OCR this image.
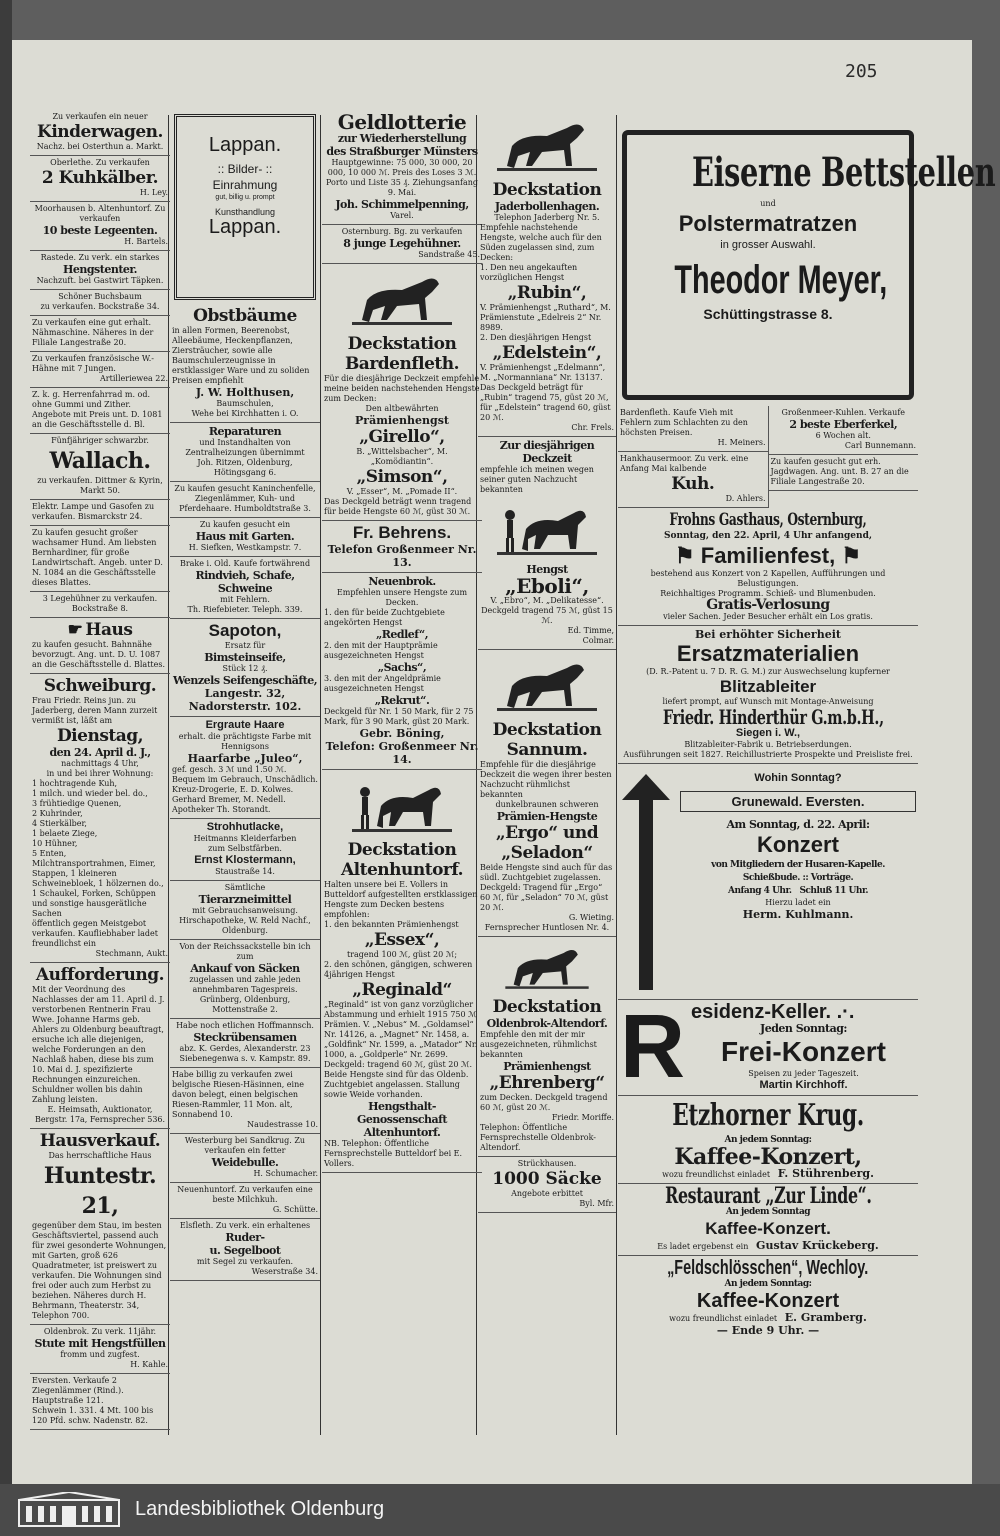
205
Zu verkaufen ein neuer
Kinderwagen.
Nachz. bei Osterthun a. Markt.
Oberlethe. Zu verkaufen
2 Kuhkälber.
H. Ley.
Moorhausen b. Altenhuntorf. Zu verkaufen
10 beste Legeenten.
H. Bartels.
Rastede. Zu verk. ein starkes
Hengstenter.
Nachzuft. bei Gastwirt Täpken.
Schöner Buchsbaum
zu verkaufen. Bockstraße 34.
Zu verkaufen eine gut erhalt. Nähmaschine. Näheres in der Filiale Langestraße 20.
Zu verkaufen französische W.-Hähne mit 7 Jungen.
Artilleriewea 22.
Z. k. g. Herrenfahrrad m. od. ohne Gummi und Zither. Angebote mit Preis unt. D. 1081 an die Geschäftsstelle d. Bl.
Fünfjähriger schwarzbr.
Wallach.
zu verkaufen. Dittmer & Kyrin, Markt 50.
Elektr. Lampe und Gasofen zu verkaufen. Bismarckstr 24.
Zu kaufen gesucht großer wachsamer Hund. Am liebsten Bernhardiner, für große Landwirtschaft. Angeb. unter D. N. 1084 an die Geschäftsstelle dieses Blattes.
3 Legehühner zu verkaufen. Bockstraße 8.
☛ Haus
zu kaufen gesucht. Bahnnähe bevorzugt. Ang. unt. D. U. 1087 an die Geschäftsstelle d. Blattes.
Schweiburg.
Frau Friedr. Reins jun. zu Jaderberg, deren Mann zurzeit vermißt ist, läßt am
Dienstag,
den 24. April d. J.,
nachmittags 4 Uhr,
in und bei ihrer Wohnung:
1 hochtragende Kuh,
1 milch. und wieder bel. do.,
3 frühtiedige Quenen,
2 Kuhrinder,
4 Stierkälber,
1 belaete Ziege,
10 Hühner,
5 Enten,
Milchtransportrahmen, Eimer, Stappen, 1 kleineren Schweinebloek, 1 hölzernen do., 1 Schaukel, Forken, Schüppen und sonstige hausgerätliche Sachen
öffentlich gegen Meistgebot verkaufen. Kaufliebhaber ladet freundlichst ein
Stechmann, Aukt.
Aufforderung.
Mit der Veordnung des Nachlasses der am 11. April d. J. verstorbenen Rentnerin Frau Wwe. Johanne Harms geb. Ahlers zu Oldenburg beauftragt, ersuche ich alle diejenigen, welche Forderungen an den Nachlaß haben, diese bis zum 10. Mai d. J. spezifizierte Rechnungen einzureichen. Schuldner wollen bis dahin Zahlung leisten.
E. Heimsath, Auktionator,
Bergstr. 17a, Fernsprecher 536.
Hausverkauf.
Das herrschaftliche Haus
Huntestr. 21,
gegenüber dem Stau, im besten Geschäftsviertel, passend auch für zwei gesonderte Wohnungen, mit Garten, groß 626 Quadratmeter, ist preiswert zu verkaufen. Die Wohnungen sind frei oder auch zum Herbst zu beziehen. Näheres durch H. Behrmann, Theaterstr. 34, Telephon 700.
Oldenbrok. Zu verk. 11jähr.
Stute mit Hengstfüllen
fromm und zugfest.
H. Kahle.
Eversten. Verkaufe 2 Ziegenlämmer (Rind.). Hauptstraße 121.
Schwein 1. 331. 4 Mt. 100 bis 120 Pfd. schw. Nadenstr. 82.
Lappan.
:: Bilder- ::
Einrahmung
gut, billig u. prompt
Kunsthandlung
Lappan.
Obstbäume
in allen Formen, Beerenobst, Alleebäume, Heckenpflanzen, Ziersträucher, sowie alle Baumschulerzeugnisse in erstklassiger Ware und zu soliden Preisen empfiehlt
J. W. Holthusen,
Baumschulen,
Wehe bei Kirchhatten i. O.
Reparaturen
und Instandhalten von Zentralheizungen übernimmt
Joh. Ritzen, Oldenburg,
Hötingsgang 6.
Zu kaufen gesucht Kaninchenfelle, Ziegenlämmer, Kuh- und Pferdehaare. Humboldtstraße 3.
Zu kaufen gesucht ein
Haus mit Garten.
H. Siefken, Westkampstr. 7.
Brake i. Old. Kaufe fortwährend
Rindvieh, Schafe, Schweine
mit Fehlern.
Th. Riefebieter. Teleph. 339.
Sapoton,
Ersatz für
Bimsteinseife,
Stück 12 ₰.
Wenzels Seifengeschäfte,
Langestr. 32,
Nadorsterstr. 102.
Ergraute Haare
erhalt. die prächtigste Farbe mit Hennigsons
Haarfarbe „Juleo“,
gef. gesch. 3 ℳ und 1.50 ℳ. Bequem im Gebrauch, Unschädlich. Kreuz-Drogerie, E. D. Kolwes. Gerhard Bremer, M. Nedell. Apotheker Th. Storandt.
Strohhutlacke,
Heitmanns Kleiderfarben
zum Selbstfärben.
Ernst Klostermann,
Staustraße 14.
Sämtliche
Tierarzneimittel
mit Gebrauchsanweisung.
Hirschapotheke, W. Reld Nachf., Oldenburg.
Von der Reichssackstelle bin ich zum
Ankauf von Säcken
zugelassen und zahle jeden annehmbaren Tagespreis.
Grünberg, Oldenburg,
Mottenstraße 2.
Habe noch etlichen Hoffmannsch.
Steckrübensamen
abz. K. Gerdes, Alexanderstr. 23 Siebenegenwa s. v. Kampstr. 89.
Habe billig zu verkaufen zwei belgische Riesen-Häsinnen, eine davon belegt, einen belgischen Riesen-Rammler, 11 Mon. alt, Sonnabend 10.
Naudestrasse 10.
Westerburg bei Sandkrug. Zu verkaufen ein fetter
Weidebulle.
H. Schumacher.
Neuenhuntorf. Zu verkaufen eine beste Milchkuh.
G. Schütte.
Elsfleth. Zu verk. ein erhaltenes
Ruder-
u. Segelboot
mit Segel zu verkaufen.
Weserstraße 34.
Geldlotterie
zur Wiederherstellung
des Straßburger Münsters
Hauptgewinne: 75 000, 30 000, 20 000, 10 000 ℳ. Preis des Loses 3 ℳ. Porto und Liste 35 ₰. Ziehungsanfang 9. Mai.
Joh. Schimmelpenning,
Varel.
Osternburg. Bg. zu verkaufen
8 junge Legehühner.
Sandstraße 45.
Deckstation
Bardenfleth.
Für die diesjährige Deckzeit empfehle meine beiden nachstehenden Hengste zum Decken:
Den altbewährten
Prämienhengst
„Girello“,
B. „Wittelsbacher“, M. „Komödiantin“.
„Simson“,
V. „Esser“, M. „Pomade II“.
Das Deckgeld beträgt wenn tragend für beide Hengste 60 ℳ, güst 30 ℳ.
Fr. Behrens.
Telefon Großenmeer Nr. 13.
Neuenbrok.
Empfehlen unsere Hengste zum Decken.
1. den für beide Zuchtgebiete angekörten Hengst
„Redlef“,
2. den mit der Hauptprämie ausgezeichneten Hengst
„Sachs“,
3. den mit der Angeldprämie ausgezeichneten Hengst
„Rekrut“.
Deckgeld für Nr. 1 50 Mark, für 2 75 Mark, für 3 90 Mark, güst 20 Mark.
Gebr. Böning,
Telefon: Großenmeer Nr. 14.
Deckstation
Altenhuntorf.
Halten unsere bei E. Vollers in Butteldorf aufgestellten erstklassigen Hengste zum Decken bestens empfohlen:
1. den bekannten Prämienhengst
„Essex“,
tragend 100 ℳ, güst 20 ℳ;
2. den schönen, gängigen, schweren 4jährigen Hengst
„Reginald“
„Reginald“ ist von ganz vorzüglicher Abstammung und erhielt 1915 750 ℳ Prämien. V. „Nebus“ M. „Goldamsel“ Nr. 14126, a. „Magnet“ Nr. 1458, a. „Goldfink“ Nr. 1599, a. „Matador“ Nr. 1000, a. „Goldperle“ Nr. 2699. Deckgeld: tragend 60 ℳ, güst 20 ℳ.
Beide Hengste sind für das Oldenb. Zuchtgebiet angelassen. Stallung sowie Weide vorhanden.
Hengsthalt-Genossenschaft
Altenhuntorf.
NB. Telephon: Öffentliche Fernsprechstelle Butteldorf bei E. Vollers.
Deckstation
Jaderbollenhagen.
Telephon Jaderberg Nr. 5.
Empfehle nachstehende Hengste, welche auch für den Süden zugelassen sind, zum Decken:
1. Den neu angekauften vorzüglichen Hengst
„Rubin“,
V. Prämienhengst „Ruthard“, M. Prämienstute „Edelreis 2“ Nr. 8989.
2. Den diesjährigen Hengst
„Edelstein“,
V. Prämienhengst „Edelmann“, M. „Normanniana“ Nr. 13137.
Das Deckgeld beträgt für „Rubin“ tragend 75, güst 20 ℳ, für „Edelstein“ tragend 60, güst 20 ℳ.
Chr. Frels.
Zur diesjährigen Deckzeit
empfehle ich meinen wegen seiner guten Nachzucht bekannten
Hengst
„Eboli“,
V. „Ebro“, M. „Delikatesse“.
Deckgeld tragend 75 ℳ, güst 15 ℳ.
Ed. Timme,
Colmar.
Deckstation
Sannum.
Empfehle für die diesjährige Deckzeit die wegen ihrer besten Nachzucht rühmlichst bekannten
dunkelbraunen schweren
Prämien-Hengste
„Ergo“ und
„Seladon“
Beide Hengste sind auch für das südl. Zuchtgebiet zugelassen. Deckgeld: Tragend für „Ergo“ 60 ℳ, für „Seladon“ 70 ℳ, güst 20 ℳ.
G. Wieting.
Fernsprecher Huntlosen Nr. 4.
Deckstation
Oldenbrok-Altendorf.
Empfehle den mit der mir ausgezeichneten, rühmlichst bekannten
Prämienhengst
„Ehrenberg“
zum Decken. Deckgeld tragend 60 ℳ, güst 20 ℳ.
Friedr. Moriffe.
Telephon: Öffentliche Fernsprechstelle Oldenbrok-Altendorf.
Strückhausen.
1000 Säcke
Angebote erbittet
Byl. Mfr.
Eiserne Bettstellen
und
Polstermatratzen
in grosser Auswahl.
Theodor Meyer,
Schüttingstrasse 8.
Bardenfleth. Kaufe Vieh mit Fehlern zum Schlachten zu den höchsten Preisen.
H. Meiners.
Hankhausermoor. Zu verk. eine Anfang Mai kalbende
Kuh.
D. Ahlers.
Großenmeer-Kuhlen. Verkaufe
2 beste Eberferkel,
6 Wochen alt.
Carl Bunnemann.
Zu kaufen gesucht gut erh. Jagdwagen. Ang. unt. B. 27 an die Filiale Langestraße 20.
Frohns Gasthaus, Osternburg,
Sonntag, den 22. April, 4 Uhr anfangend,
⚑ Familienfest, ⚑
bestehend aus Konzert von 2 Kapellen, Aufführungen und Belustigungen.
Reichhaltiges Programm. Schieß- und Blumenbuden.
Gratis-Verlosung
vieler Sachen. Jeder Besucher erhält ein Los gratis.
Bei erhöhter Sicherheit
Ersatzmaterialien
(D. R.-Patent u. 7 D. R. G. M.) zur Auswechselung kupferner
Blitzableiter
liefert prompt, auf Wunsch mit Montage-Anweisung
Friedr. Hinderthür G.m.b.H.,
Siegen i. W.,
Blitzableiter-Fabrik u. Betriebserdungen.
Ausführungen seit 1827. Reichillustrierte Prospekte und Preisliste frei.
Wohin Sonntag?
Grunewald. Eversten.
Am Sonntag, d. 22. April:
Konzert
von Mitgliedern der Husaren-Kapelle.
Schießbude. :: Vorträge.
Anfang 4 Uhr. Schluß 11 Uhr.
Hierzu ladet ein
Herm. Kuhlmann.
R esidenz-Keller. .·.
Jeden Sonntag:
Frei-Konzert
Speisen zu jeder Tageszeit.
Martin Kirchhoff.
Etzhorner Krug.
An jedem Sonntag:
Kaffee-Konzert,
wozu freundlichst einladet F. Stührenberg.
Restaurant „Zur Linde“.
An jedem Sonntag
Kaffee-Konzert.
Es ladet ergebenst ein Gustav Krückeberg.
„Feldschlösschen“, Wechloy.
An jedem Sonntag:
Kaffee-Konzert
wozu freundlichst einladet E. Gramberg.
— Ende 9 Uhr. —
Landesbibliothek Oldenburg
